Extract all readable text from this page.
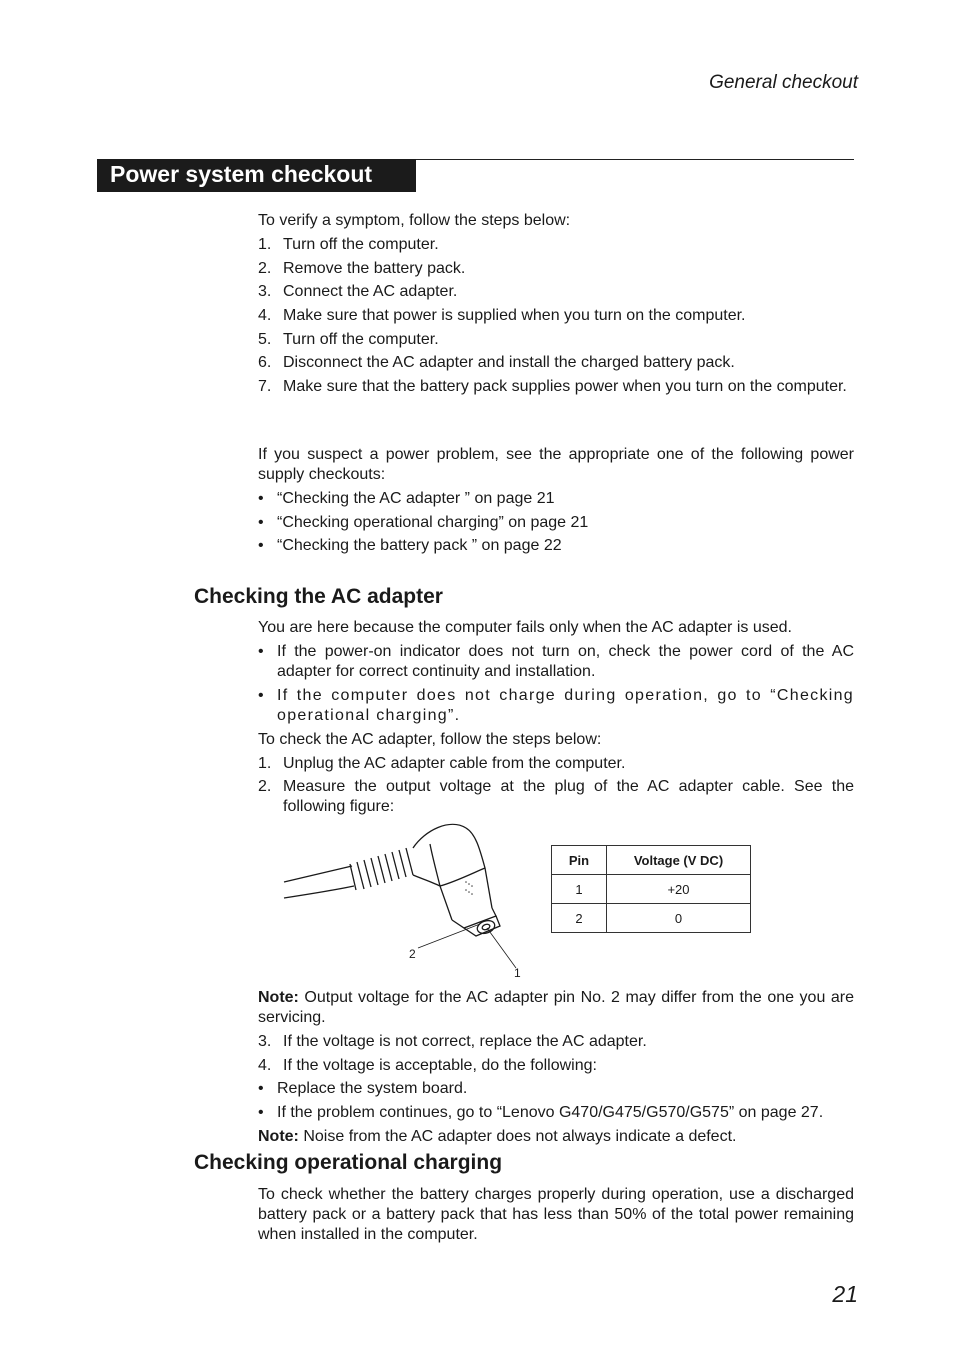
General checkout
Power system checkout
To verify a symptom, follow the steps below:
1. Turn off the computer.
2. Remove the battery pack.
3. Connect the AC adapter.
4. Make sure that power is supplied when you turn on the computer.
5. Turn off the computer.
6. Disconnect the AC adapter and install the charged battery pack.
7. Make sure that the battery pack supplies power when you turn on the computer.
If you suspect a power problem, see the appropriate one of the following power supply checkouts:
• “Checking the AC adapter ” on page 21
• “Checking operational charging” on page 21
• “Checking the battery pack ” on page 22
Checking the AC adapter
You are here because the computer fails only when the AC adapter is used.
• If the power-on indicator does not turn on, check the power cord of the AC adapter for correct continuity and installation.
• If the computer does not charge during operation, go to “Checking operational charging”.
To check the AC adapter, follow the steps below:
1. Unplug the AC adapter cable from the computer.
2. Measure the output voltage at the plug of the AC adapter cable. See the following figure:
2
1
Pin	Voltage (V DC)
1	+20
2	0
Note: Output voltage for the AC adapter pin No. 2 may differ from the one you are servicing.
3. If the voltage is not correct, replace the AC adapter.
4. If the voltage is acceptable, do the following:
• Replace the system board.
• If the problem continues, go to “Lenovo G470/G475/G570/G575” on page 27.
Note: Noise from the AC adapter does not always indicate a defect.
Checking operational charging
To check whether the battery charges properly during operation, use a discharged battery pack or a battery pack that has less than 50% of the total power remaining when installed in the computer.
21
